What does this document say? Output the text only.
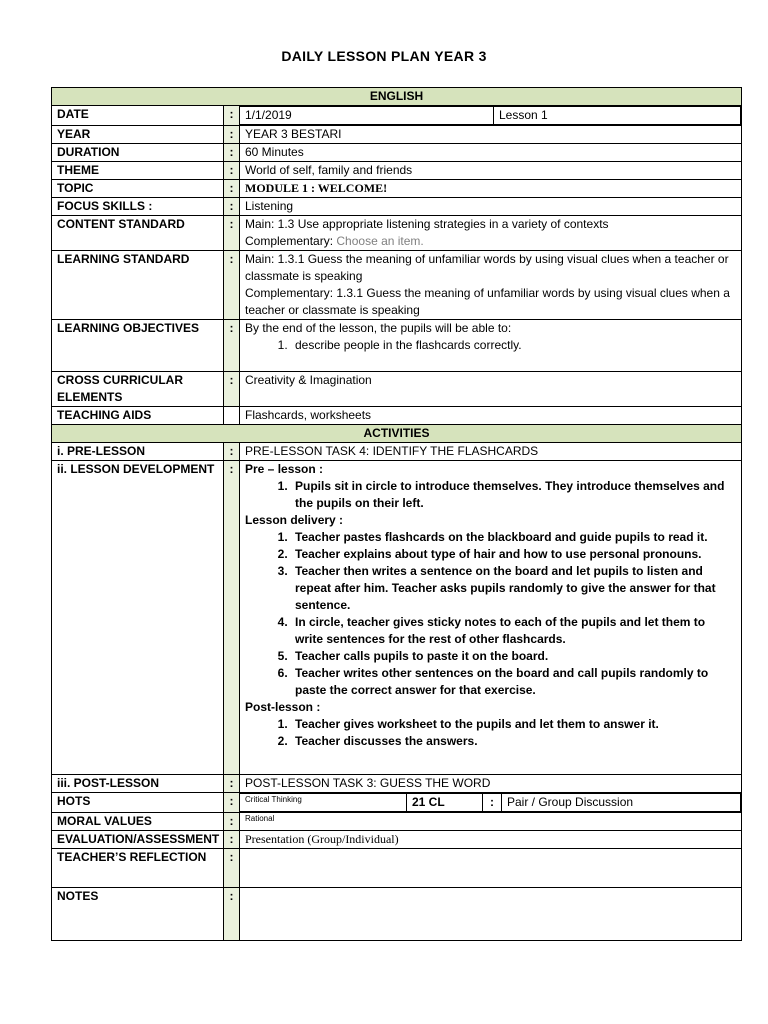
DAILY LESSON PLAN YEAR 3
ENGLISH
DATE	:	1/1/2019	Lesson 1

YEAR	:	YEAR 3 BESTARI
DURATION	:	60 Minutes
THEME	:	World of self, family and friends
TOPIC	:	MODULE 1 : WELCOME!
FOCUS SKILLS :	:	Listening
CONTENT STANDARD	:	Main: 1.3 Use appropriate listening strategies in a variety of contexts
Complementary: Choose an item.

LEARNING STANDARD	:	Main: 1.3.1 Guess the meaning of unfamiliar words by using visual clues when a teacher or classmate is speaking
Complementary: 1.3.1 Guess the meaning of unfamiliar words by using visual clues when a teacher or classmate is speaking

LEARNING OBJECTIVES	:	By the end of the lesson, the pupils will be able to:
1. describe people in the flashcards correctly.

CROSS CURRICULAR ELEMENTS	:	Creativity & Imagination
TEACHING AIDS		Flashcards, worksheets
ACTIVITIES
i. PRE-LESSON	:	PRE-LESSON TASK 4: IDENTIFY THE FLASHCARDS
ii. LESSON DEVELOPMENT	:	Pre – lesson :
1. Pupils sit in circle to introduce themselves. They introduce themselves and the pupils on their left.
Lesson delivery :
1. Teacher pastes flashcards on the blackboard and guide pupils to read it.
2. Teacher explains about type of hair and how to use personal pronouns.
3. Teacher then writes a sentence on the board and let pupils to listen and repeat after him. Teacher asks pupils randomly to give the answer for that sentence.
4. In circle, teacher gives sticky notes to each of the pupils and let them to write sentences for the rest of other flashcards.
5. Teacher calls pupils to paste it on the board.
6. Teacher writes other sentences on the board and call pupils randomly to paste the correct answer for that exercise.
Post-lesson :
1. Teacher gives worksheet to the pupils and let them to answer it.
2. Teacher discusses the answers.

iii. POST-LESSON	:	POST-LESSON TASK 3: GUESS THE WORD
HOTS	:	Critical Thinking	21 CL	:	Pair / Group Discussion

MORAL VALUES	:	Rational
EVALUATION/ASSESSMENT	:	Presentation (Group/Individual)
TEACHER’S REFLECTION	:	
NOTES	:	
